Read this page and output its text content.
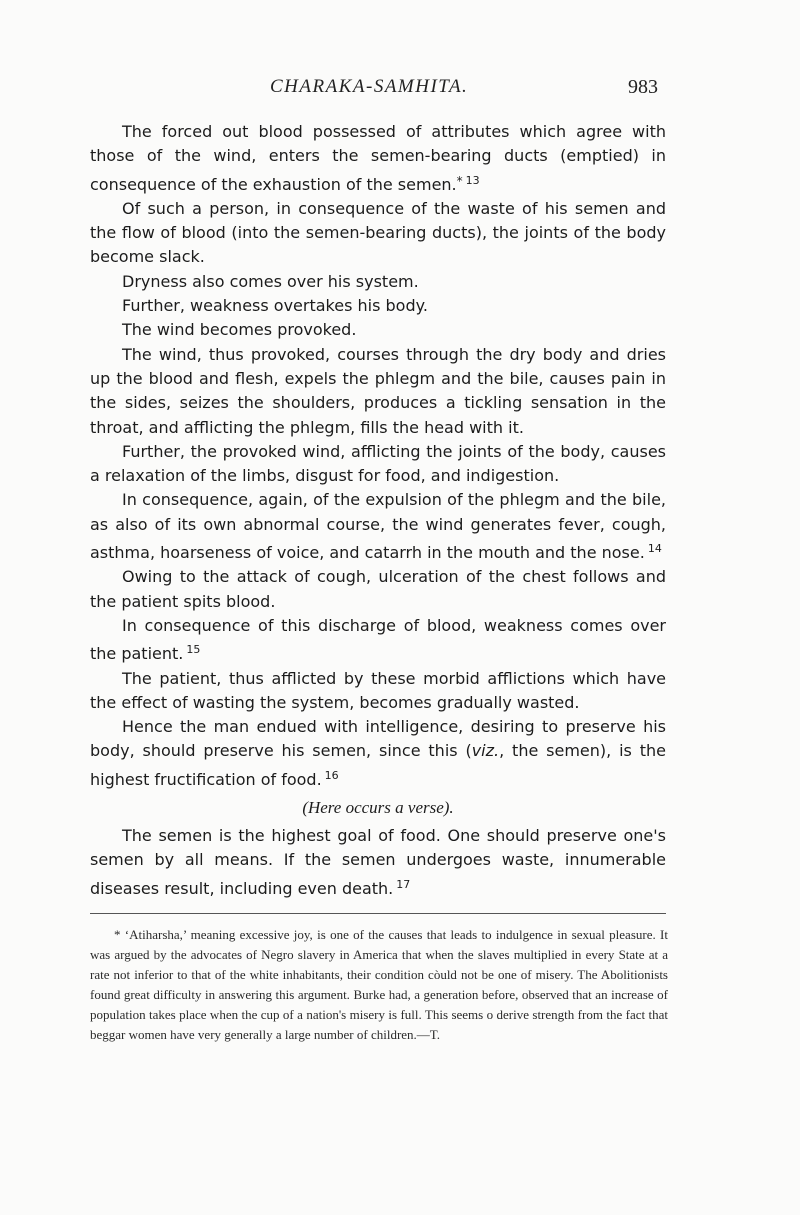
CHARAKA-SAMHITA.	983

The forced out blood possessed of attributes which agree with those of the wind, enters the semen-bearing ducts (emptied) in consequence of the exhaustion of the semen.* $^{13}$

Of such a person, in consequence of the waste of his semen and the flow of blood (into the semen-bearing ducts), the joints of the body become slack.

Dryness also comes over his system.

Further, weakness overtakes his body.

The wind becomes provoked.

The wind, thus provoked, courses through the dry body and dries up the blood and flesh, expels the phlegm and the bile, causes pain in the sides, seizes the shoulders, produces a tickling sensation in the throat, and afflicting the phlegm, fills the head with it.

Further, the provoked wind, afflicting the joints of the body, causes a relaxation of the limbs, disgust for food, and indigestion.

In consequence, again, of the expulsion of the phlegm and the bile, as also of its own abnormal course, the wind generates fever, cough, asthma, hoarseness of voice, and catarrh in the mouth and the nose. $^{14}$

Owing to the attack of cough, ulceration of the chest follows and the patient spits blood.

In consequence of this discharge of blood, weakness comes over the patient. $^{15}$

The patient, thus afflicted by these morbid afflictions which have the effect of wasting the system, becomes gradually wasted.

Hence the man endued with intelligence, desiring to preserve his body, should preserve his semen, since this (viz., the semen), is the highest fructification of food. $^{16}$

(Here occurs a verse).

The semen is the highest goal of food. One should preserve one's semen by all means. If the semen undergoes waste, innumerable diseases result, including even death. $^{17}$

* ‘Atiharsha,’ meaning excessive joy, is one of the causes that leads to indulgence in sexual pleasure. It was argued by the advocates of Negro slavery in America that when the slaves multiplied in every State at a rate not inferior to that of the white inhabitants, their condition còuld not be one of misery. The Abolitionists found great difficulty in answering this argument. Burke had, a generation before, observed that an increase of population takes place when the cup of a nation's misery is full. This seems o derive strength from the fact that beggar women have very generally a large number of children.—T.
